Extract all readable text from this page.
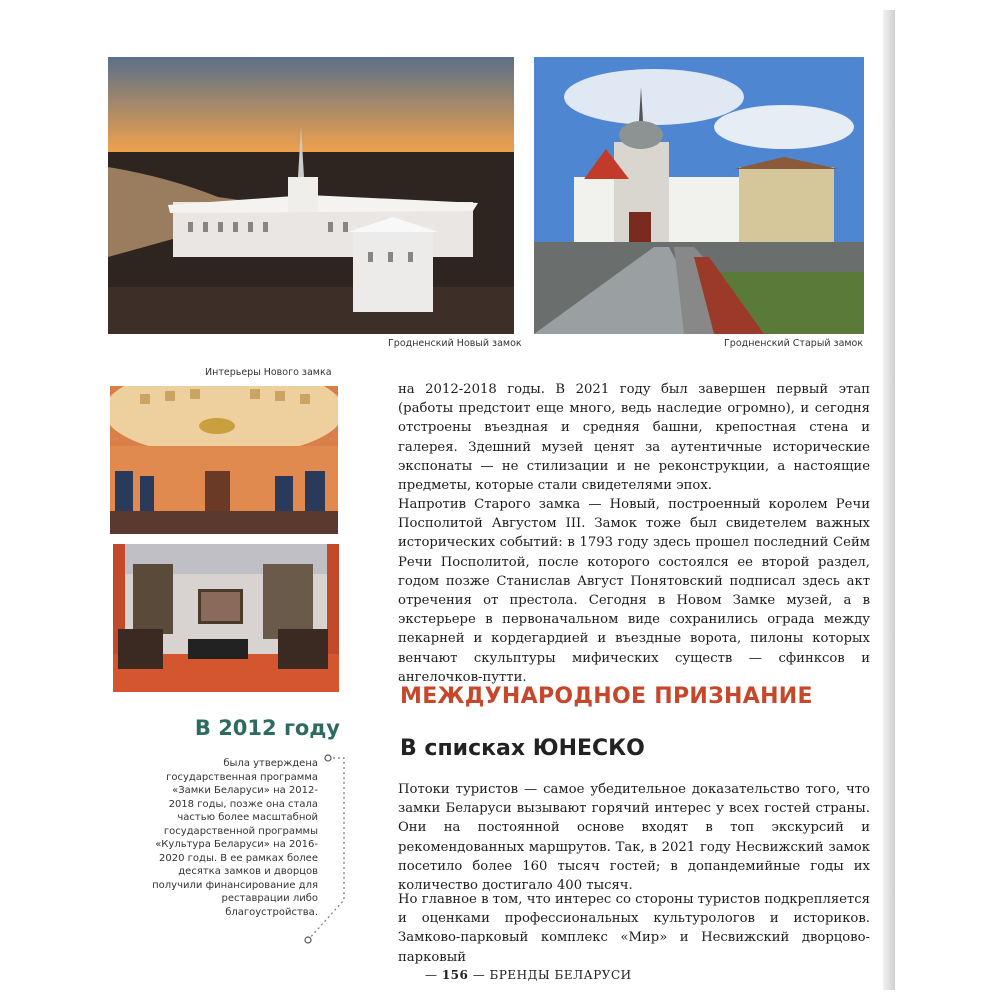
Гродненский Новый замок	Гродненский Старый замок
Интерьеры Нового замка

на 2012-2018 годы. В 2021 году был завершен первый этап (работы предстоит еще много, ведь наследие огромно), и сегодня отстроены въездная и средняя башни, крепостная стена и галерея. Здешний музей ценят за аутентичные исторические экспонаты — не стилизации и не реконструкции, а настоящие предметы, которые стали свидетелями эпох.

Напротив Старого замка — Новый, построенный королем Речи Посполитой Августом III. Замок тоже был свидетелем важных исторических событий: в 1793 году здесь прошел последний Сейм Речи Посполитой, после которого состоялся ее второй раздел, годом позже Станислав Август Понятовский подписал здесь акт отречения от престола. Сегодня в Новом Замке музей, а в экстерьере в первоначальном виде сохранились ограда между пекарней и кордегардией и въездные ворота, пилоны которых венчают скульптуры мифических существ — сфинксов и ангелочков-путти.

МЕЖДУНАРОДНОЕ ПРИЗНАНИЕ
В списках ЮНЕСКО

Потоки туристов — самое убедительное доказательство того, что замки Беларуси вызывают горячий интерес у всех гостей страны. Они на постоянной основе входят в топ экскурсий и рекомендованных маршрутов. Так, в 2021 году Несвижский замок посетило более 160 тысяч гостей; в допандемийные годы их количество достигало 400 тысяч.

Но главное в том, что интерес со стороны туристов подкрепляется и оценками профессиональных культурологов и историков. Замково-парковый комплекс «Мир» и Несвижский дворцово-парковый

В 2012 году

была утверждена государственная программа «Замки Беларуси» на 2012-2018 годы, позже она стала частью более масштабной государственной программы «Культура Беларуси» на 2016-2020 годы. В ее рамках более десятка замков и дворцов получили финансирование для реставрации либо благоустройства.

— 156 — БРЕНДЫ БЕЛАРУСИ
